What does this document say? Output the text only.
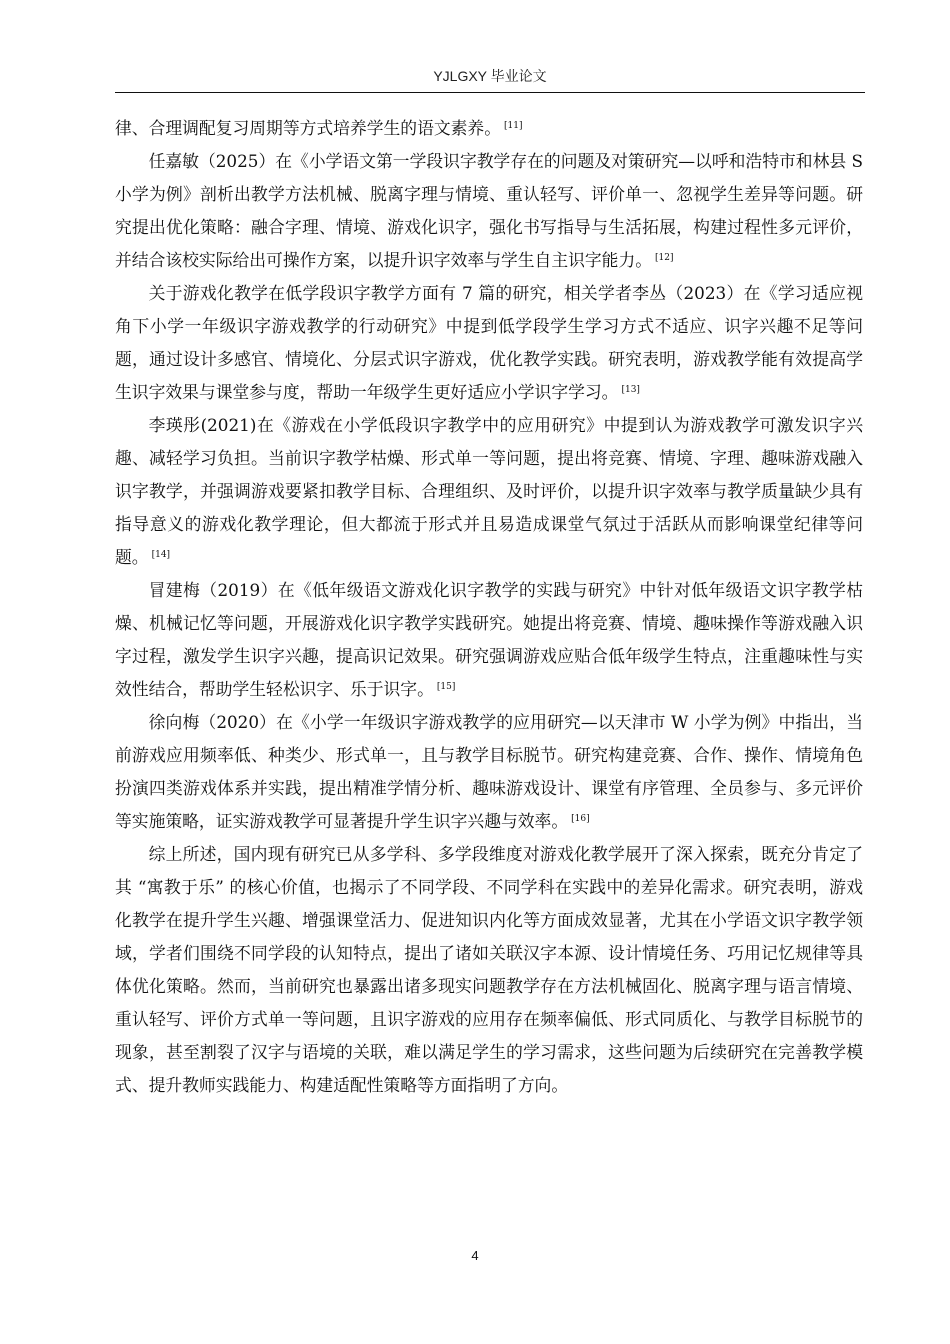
YJLGXY 毕业论文

律、合理调配复习周期等方式培养学生的语文素养。 [11]

任嘉敏（2025）在《小学语文第一学段识字教学存在的问题及对策研究—以呼和浩特市和林县 S 小学为例》剖析出教学方法机械、脱离字理与情境、重认轻写、评价单一、忽视学生差异等问题。研究提出优化策略：融合字理、情境、游戏化识字，强化书写指导与生活拓展，构建过程性多元评价，并结合该校实际给出可操作方案，以提升识字效率与学生自主识字能力。 [12]

关于游戏化教学在低学段识字教学方面有 7 篇的研究，相关学者李丛（2023）在《学习适应视角下小学一年级识字游戏教学的行动研究》中提到低学段学生学习方式不适应、识字兴趣不足等问题，通过设计多感官、情境化、分层式识字游戏，优化教学实践。研究表明，游戏教学能有效提高学生识字效果与课堂参与度，帮助一年级学生更好适应小学识字学习。 [13]

李瑛彤(2021)在《游戏在小学低段识字教学中的应用研究》中提到认为游戏教学可激发识字兴趣、减轻学习负担。当前识字教学枯燥、形式单一等问题，提出将竞赛、情境、字理、趣味游戏融入识字教学，并强调游戏要紧扣教学目标、合理组织、及时评价，以提升识字效率与教学质量缺少具有指导意义的游戏化教学理论，但大都流于形式并且易造成课堂气氛过于活跃从而影响课堂纪律等问题。 [14]

冒建梅（2019）在《低年级语文游戏化识字教学的实践与研究》中针对低年级语文识字教学枯燥、机械记忆等问题，开展游戏化识字教学实践研究。她提出将竞赛、情境、趣味操作等游戏融入识字过程，激发学生识字兴趣，提高识记效果。研究强调游戏应贴合低年级学生特点，注重趣味性与实效性结合，帮助学生轻松识字、乐于识字。 [15]

徐向梅（2020）在《小学一年级识字游戏教学的应用研究—以天津市 W 小学为例》中指出，当前游戏应用频率低、种类少、形式单一，且与教学目标脱节。研究构建竞赛、合作、操作、情境角色扮演四类游戏体系并实践，提出精准学情分析、趣味游戏设计、课堂有序管理、全员参与、多元评价等实施策略，证实游戏教学可显著提升学生识字兴趣与效率。 [16]

综上所述，国内现有研究已从多学科、多学段维度对游戏化教学展开了深入探索，既充分肯定了其 “寓教于乐” 的核心价值，也揭示了不同学段、不同学科在实践中的差异化需求。研究表明，游戏化教学在提升学生兴趣、增强课堂活力、促进知识内化等方面成效显著，尤其在小学语文识字教学领域，学者们围绕不同学段的认知特点，提出了诸如关联汉字本源、设计情境任务、巧用记忆规律等具体优化策略。然而，当前研究也暴露出诸多现实问题教学存在方法机械固化、脱离字理与语言情境、重认轻写、评价方式单一等问题，且识字游戏的应用存在频率偏低、形式同质化、与教学目标脱节的现象，甚至割裂了汉字与语境的关联，难以满足学生的学习需求，这些问题为后续研究在完善教学模式、提升教师实践能力、构建适配性策略等方面指明了方向。

4
